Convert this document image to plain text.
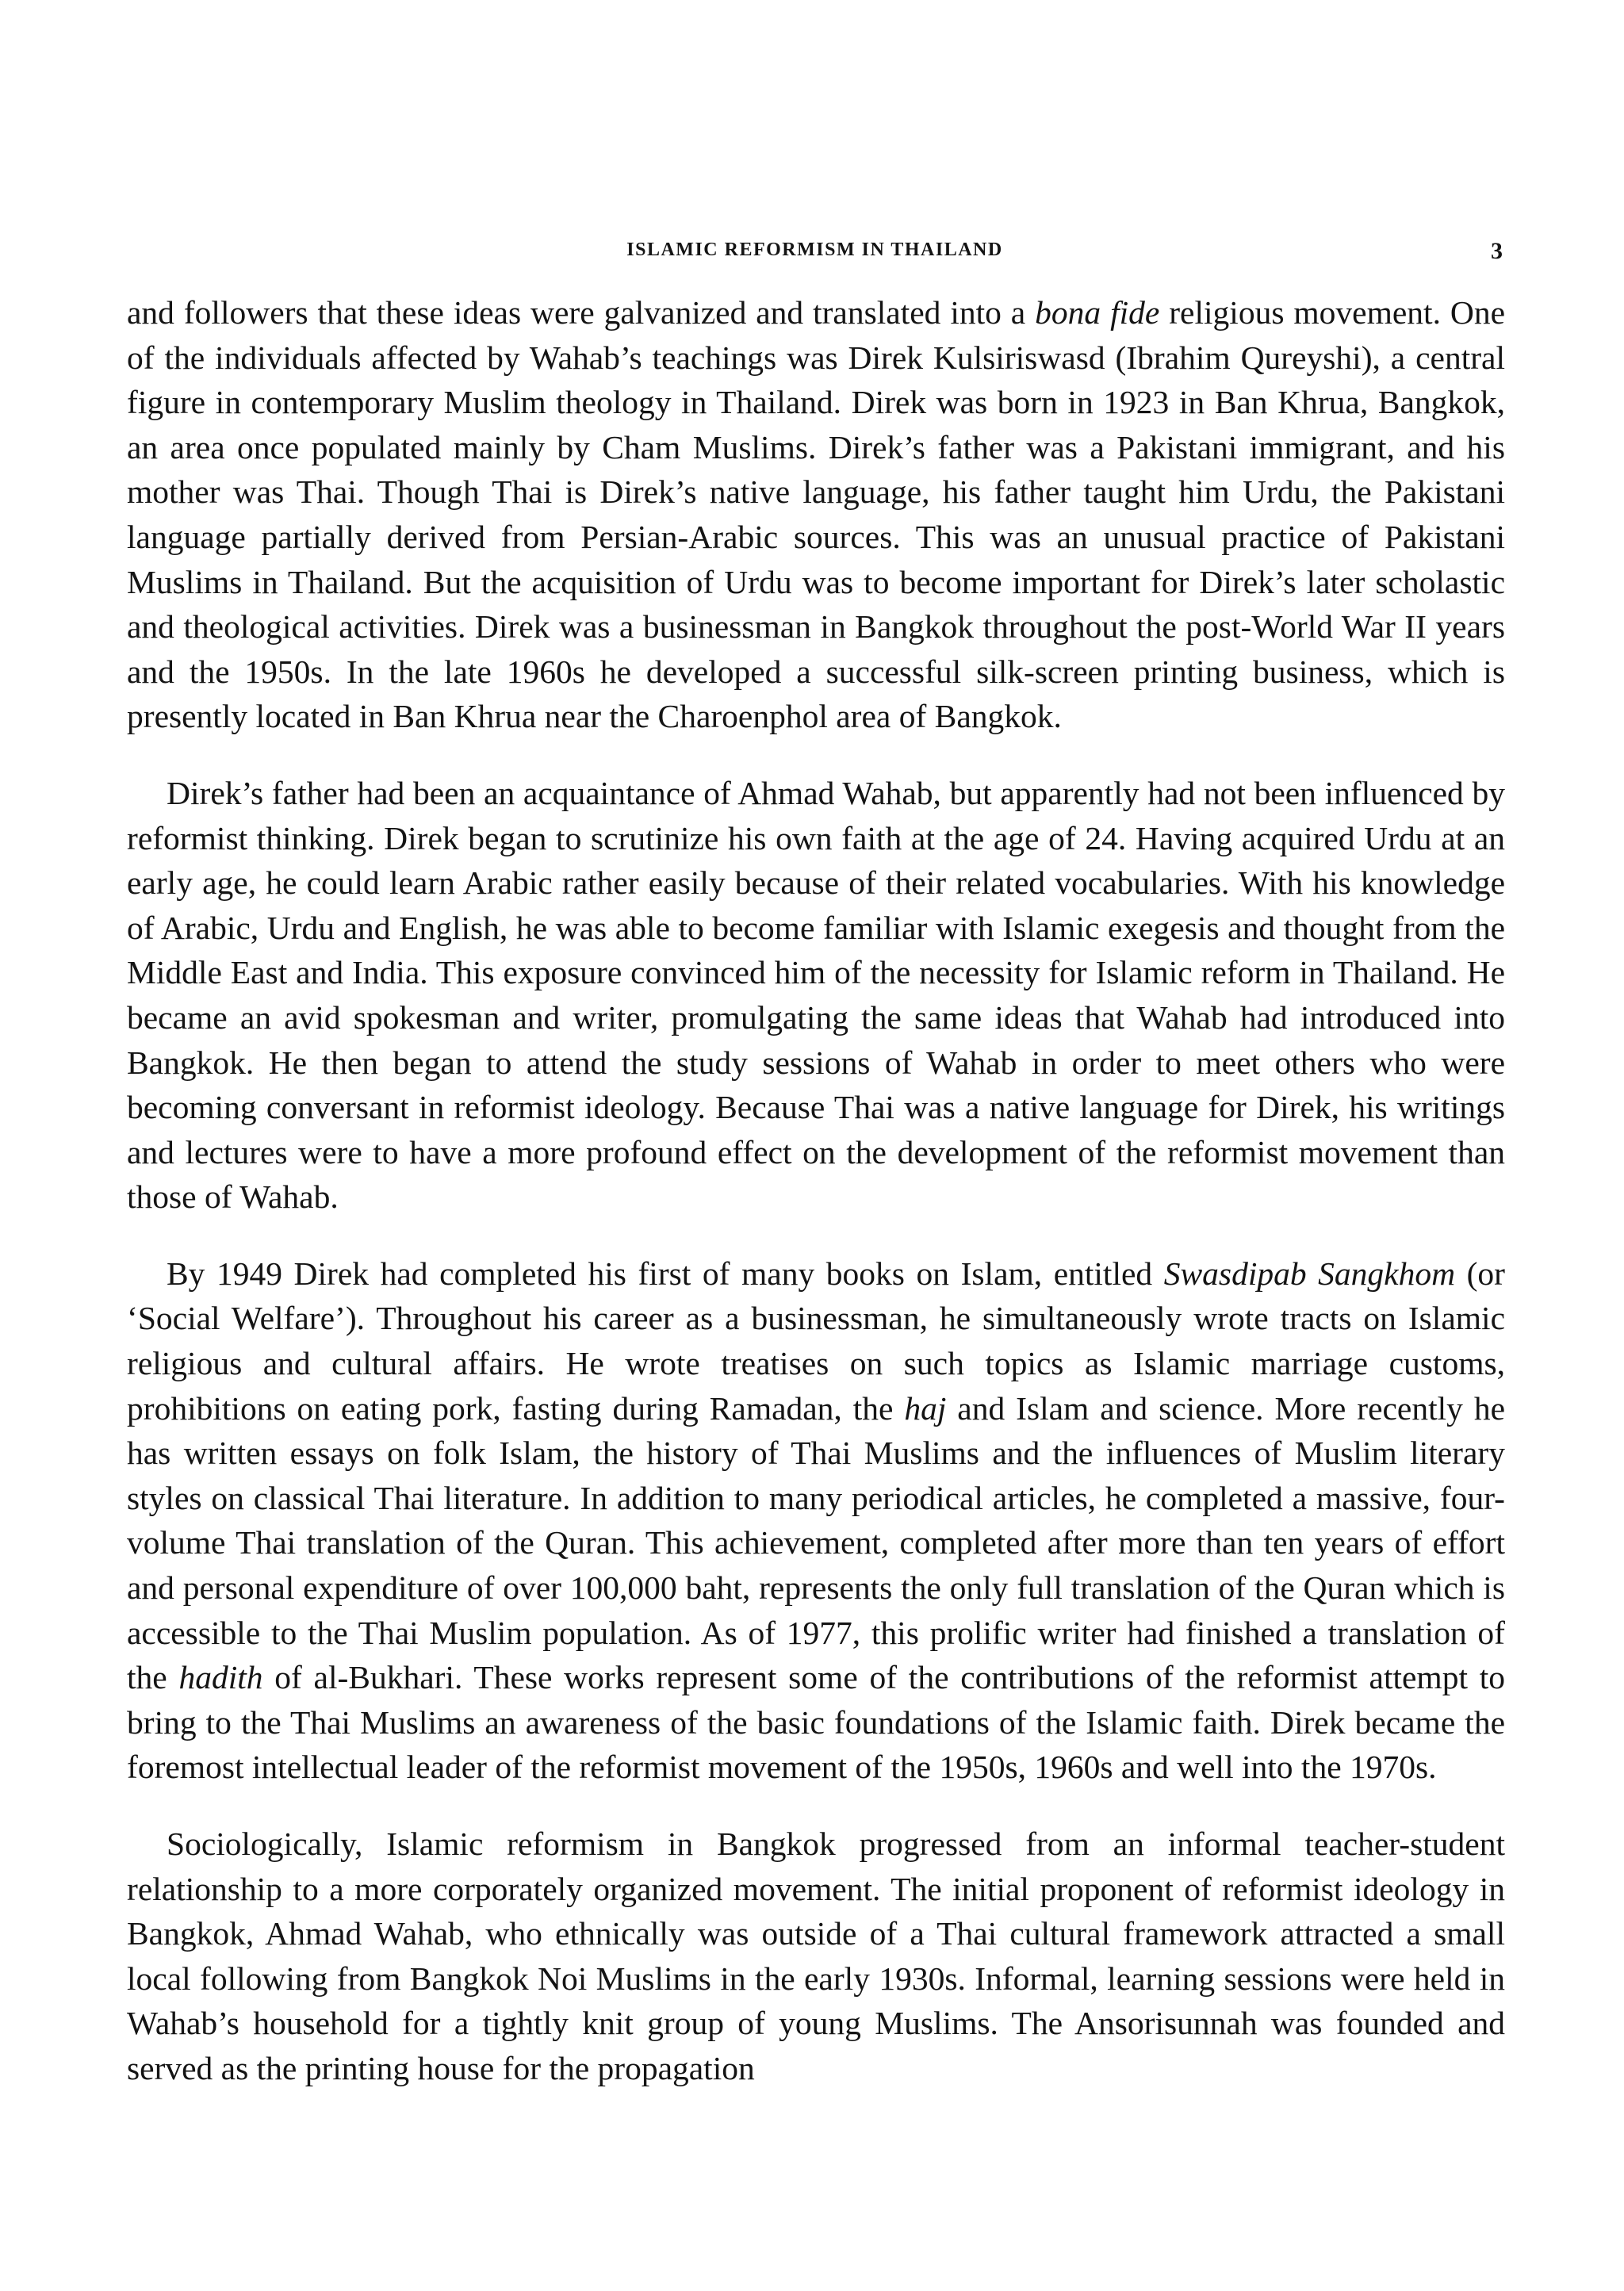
ISLAMIC REFORMISM IN THAILAND	3

and followers that these ideas were galvanized and translated into a bona fide religious movement. One of the individuals affected by Wahab’s teachings was Direk Kulsiriswasd (Ibrahim Qureyshi), a central figure in contemporary Muslim theology in Thailand. Direk was born in 1923 in Ban Khrua, Bangkok, an area once populated mainly by Cham Muslims. Direk’s father was a Pakistani immigrant, and his mother was Thai. Though Thai is Direk’s native language, his father taught him Urdu, the Pakistani language partially derived from Persian-Arabic sources. This was an unusual practice of Pakistani Muslims in Thailand. But the acquisition of Urdu was to become important for Direk’s later scholastic and theological activities. Direk was a businessman in Bangkok throughout the post-World War II years and the 1950s. In the late 1960s he developed a successful silk-screen printing business, which is presently located in Ban Khrua near the Charoenphol area of Bangkok.

Direk’s father had been an acquaintance of Ahmad Wahab, but apparently had not been influenced by reformist thinking. Direk began to scrutinize his own faith at the age of 24. Having acquired Urdu at an early age, he could learn Arabic rather easily because of their related vocabularies. With his knowledge of Arabic, Urdu and English, he was able to become familiar with Islamic exegesis and thought from the Middle East and India. This exposure convinced him of the necessity for Islamic reform in Thailand. He became an avid spokesman and writer, promulgating the same ideas that Wahab had introduced into Bangkok. He then began to attend the study sessions of Wahab in order to meet others who were becoming conversant in reformist ideology. Because Thai was a native language for Direk, his writings and lectures were to have a more profound effect on the development of the reformist movement than those of Wahab.

By 1949 Direk had completed his first of many books on Islam, entitled Swasdipab Sangkhom (or ‘Social Welfare’). Throughout his career as a businessman, he simultaneously wrote tracts on Islamic religious and cultural affairs. He wrote treatises on such topics as Islamic marriage customs, prohibitions on eating pork, fasting during Ramadan, the haj and Islam and science. More recently he has written essays on folk Islam, the history of Thai Muslims and the influences of Muslim literary styles on classical Thai literature. In addition to many periodical articles, he completed a massive, four-volume Thai translation of the Quran. This achievement, completed after more than ten years of effort and personal expenditure of over 100,000 baht, represents the only full translation of the Quran which is accessible to the Thai Muslim population. As of 1977, this prolific writer had finished a translation of the hadith of al-Bukhari. These works represent some of the contributions of the reformist attempt to bring to the Thai Muslims an awareness of the basic foundations of the Islamic faith. Direk became the foremost intellectual leader of the reformist movement of the 1950s, 1960s and well into the 1970s.

Sociologically, Islamic reformism in Bangkok progressed from an informal teacher-student relationship to a more corporately organized movement. The initial proponent of reformist ideology in Bangkok, Ahmad Wahab, who ethnically was outside of a Thai cultural framework attracted a small local following from Bangkok Noi Muslims in the early 1930s. Informal, learning sessions were held in Wahab’s household for a tightly knit group of young Muslims. The Ansorisunnah was founded and served as the printing house for the propagation
